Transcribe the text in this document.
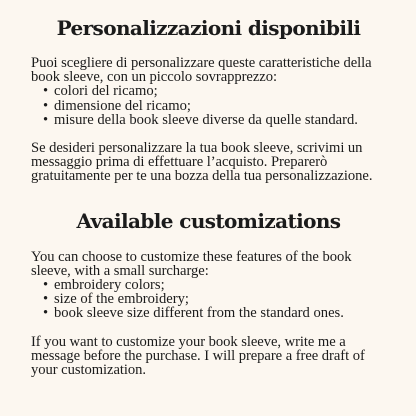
Personalizzazioni disponibili

Puoi scegliere di personalizzare queste caratteristiche della book sleeve, con un piccolo sovrapprezzo:

• colori del ricamo;
• dimensione del ricamo;
• misure della book sleeve diverse da quelle standard.

Se desideri personalizzare la tua book sleeve, scrivimi un messaggio prima di effettuare l’acquisto. Preparerò gratuitamente per te una bozza della tua personalizzazione.

Available customizations

You can choose to customize these features of the book sleeve, with a small surcharge:

• embroidery colors;
• size of the embroidery;
• book sleeve size different from the standard ones.

If you want to customize your book sleeve, write me a message before the purchase. I will prepare a free draft of your customization.
